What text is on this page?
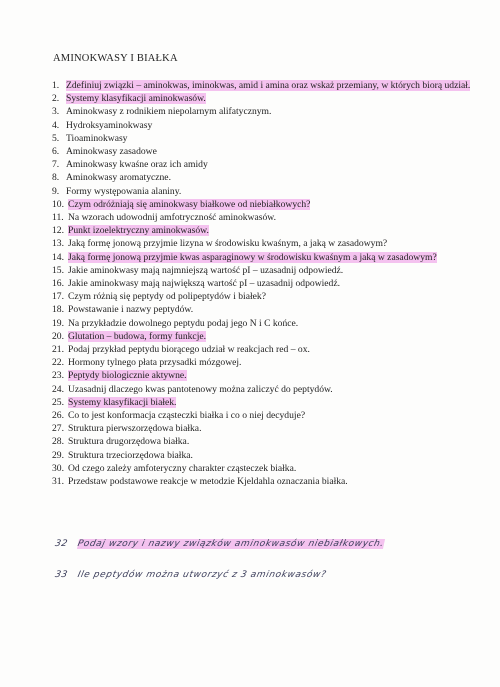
AMINOKWASY I BIAŁKA
1. Zdefiniuj związki – aminokwas, iminokwas, amid i amina oraz wskaż przemiany, w których biorą udział.
2. Systemy klasyfikacji aminokwasów.
3. Aminokwasy z rodnikiem niepolarnym alifatycznym.
4. Hydroksyaminokwasy
5. Tioaminokwasy
6. Aminokwasy zasadowe
7. Aminokwasy kwaśne oraz ich amidy
8. Aminokwasy aromatyczne.
9. Formy występowania alaniny.
10. Czym odróżniają się aminokwasy białkowe od niebiałkowych?
11. Na wzorach udowodnij amfotryczność aminokwasów.
12. Punkt izoelektryczny aminokwasów.
13. Jaką formę jonową przyjmie lizyna w środowisku kwaśnym, a jaką w zasadowym?
14. Jaką formę jonową przyjmie kwas asparaginowy w środowisku kwaśnym a jaką w zasadowym?
15. Jakie aminokwasy mają najmniejszą wartość pI – uzasadnij odpowiedź.
16. Jakie aminokwasy mają największą wartość pI – uzasadnij odpowiedź.
17. Czym różnią się peptydy od polipeptydów i białek?
18. Powstawanie i nazwy peptydów.
19. Na przykładzie dowolnego peptydu podaj jego N i C końce.
20. Glutation – budowa, formy funkcje.
21. Podaj przykład peptydu biorącego udział w reakcjach red – ox.
22. Hormony tylnego płata przysadki mózgowej.
23. Peptydy biologicznie aktywne.
24. Uzasadnij dlaczego kwas pantotenowy można zaliczyć do peptydów.
25. Systemy klasyfikacji białek.
26. Co to jest konformacja cząsteczki białka i co o niej decyduje?
27. Struktura pierwszorzędowa białka.
28. Struktura drugorzędowa białka.
29. Struktura trzeciorzędowa białka.
30. Od czego zależy amfoteryczny charakter cząsteczek białka.
31. Przedstaw podstawowe reakcje w metodzie Kjeldahla oznaczania białka.
32 Podaj wzory i nazwy związków aminokwasów niebiałkowych.
33 Ile peptydów można utworzyć z 3 aminokwasów?
